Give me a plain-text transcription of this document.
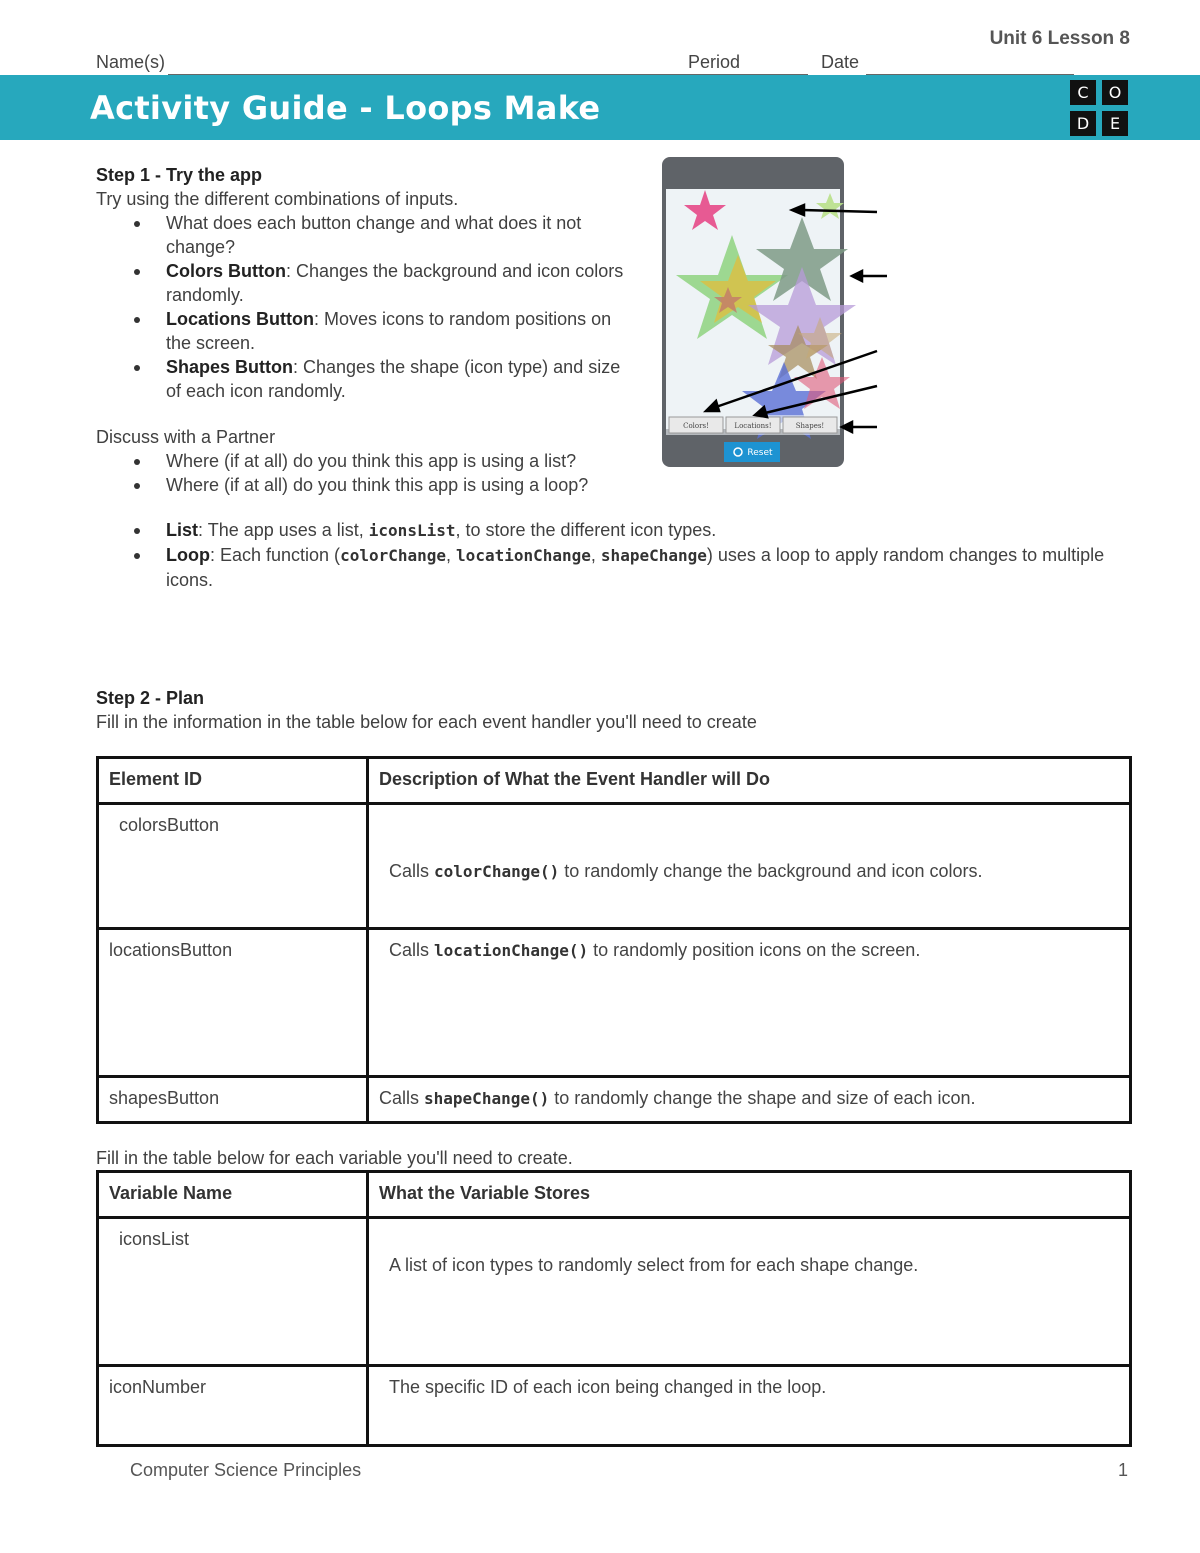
Unit 6 Lesson 8
Name(s)	Period	Date
Activity Guide - Loops Make	C	O
D	E
Step 1 - Try the app
Try using the different combinations of inputs.
What does each button change and what does it not change?
Colors Button: Changes the background and icon colors randomly.
Locations Button: Moves icons to random positions on the screen.
Shapes Button: Changes the shape (icon type) and size of each icon randomly.
Discuss with a Partner
Where (if at all) do you think this app is using a list?
Where (if at all) do you think this app is using a loop?
List: The app uses a list, iconsList, to store the different icon types.
Loop: Each function (colorChange, locationChange, shapeChange) uses a loop to apply random changes to multiple icons.
Colors!	Locations!	Shapes!
Reset
Step 2 - Plan
Fill in the information in the table below for each event handler you'll need to create
Element ID	Description of What the Event Handler will Do
colorsButton	Calls colorChange() to randomly change the background and icon colors.
locationsButton	Calls locationChange() to randomly position icons on the screen.
shapesButton	Calls shapeChange() to randomly change the shape and size of each icon.
Fill in the table below for each variable you'll need to create.
Variable Name	What the Variable Stores
iconsList	A list of icon types to randomly select from for each shape change.
iconNumber	The specific ID of each icon being changed in the loop.
Computer Science Principles	1
